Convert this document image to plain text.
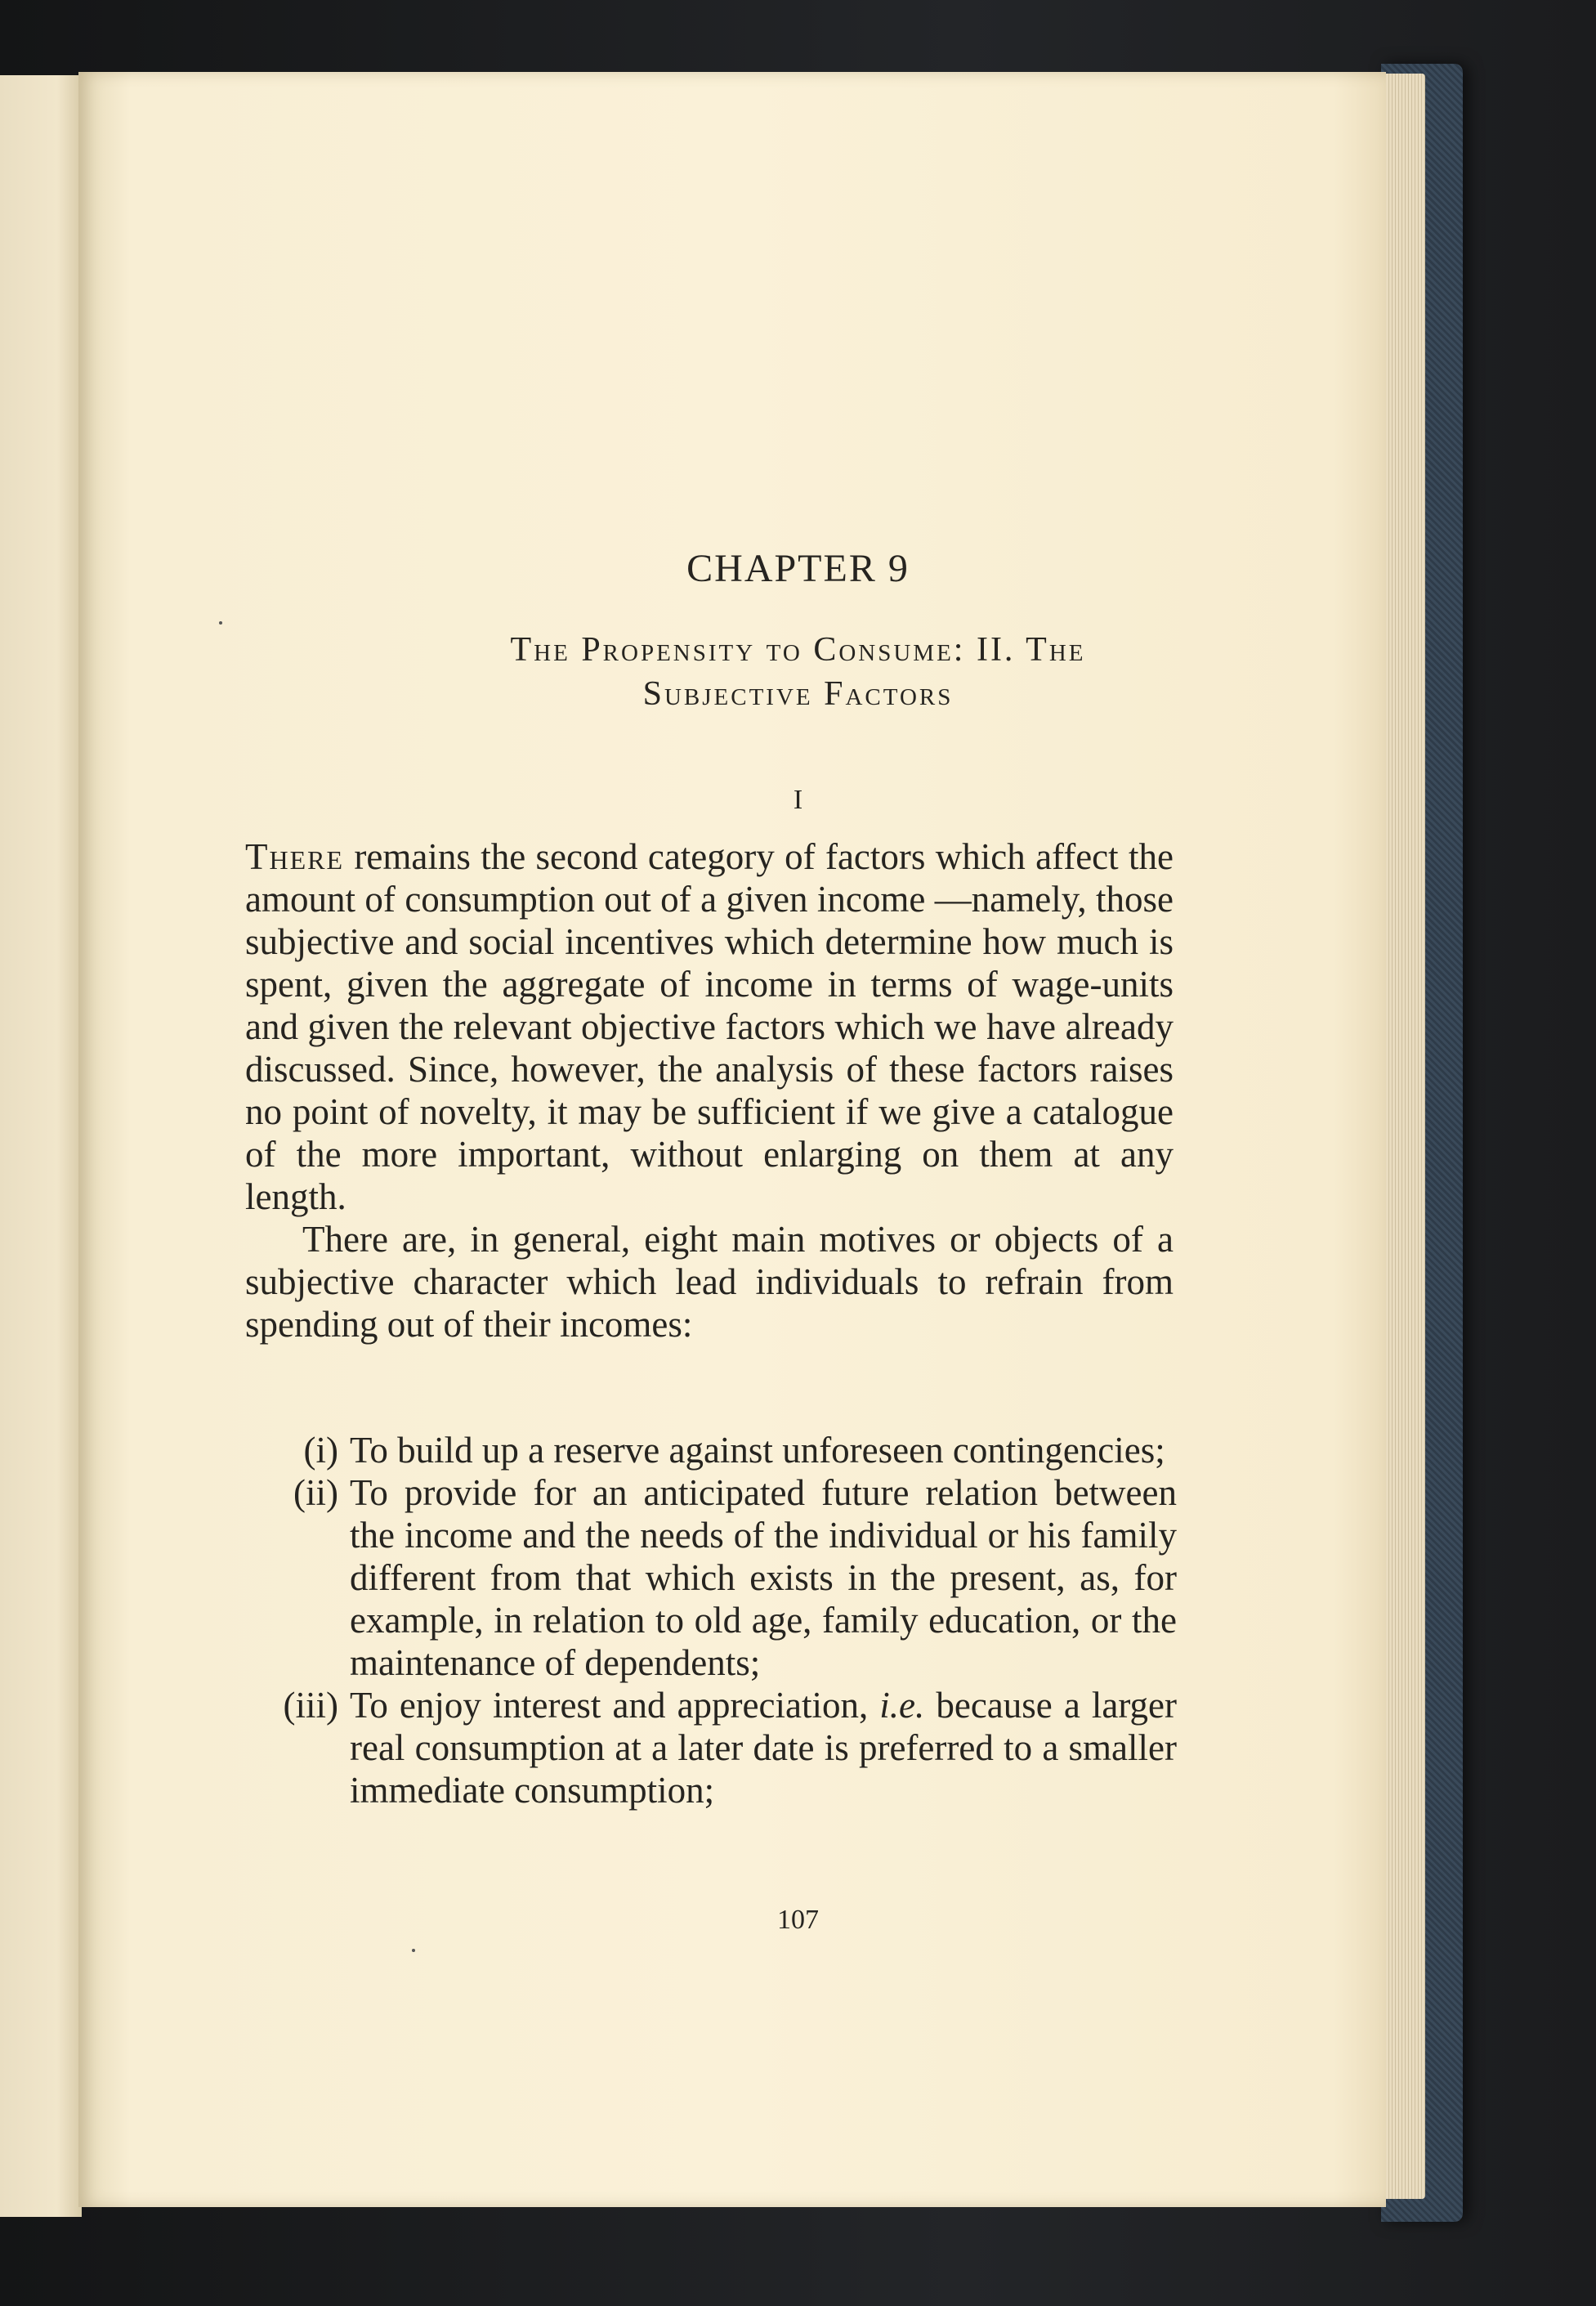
CHAPTER 9
The Propensity to Consume: II. The
Subjective Factors
I

There remains the second category of factors which affect the amount of consumption out of a given income —namely, those subjective and social incentives which determine how much is spent, given the aggregate of income in terms of wage-units and given the relevant objective factors which we have already discussed. Since, however, the analysis of these factors raises no point of novelty, it may be sufficient if we give a catalogue of the more important, without enlarging on them at any length.

There are, in general, eight main motives or objects of a subjective character which lead individuals to refrain from spending out of their incomes:

(i) To build up a reserve against unforeseen contingencies;
(ii) To provide for an anticipated future relation between the income and the needs of the individual or his family different from that which exists in the present, as, for example, in relation to old age, family education, or the maintenance of dependents;
(iii) To enjoy interest and appreciation, i.e. because a larger real consumption at a later date is preferred to a smaller immediate consumption;
107
